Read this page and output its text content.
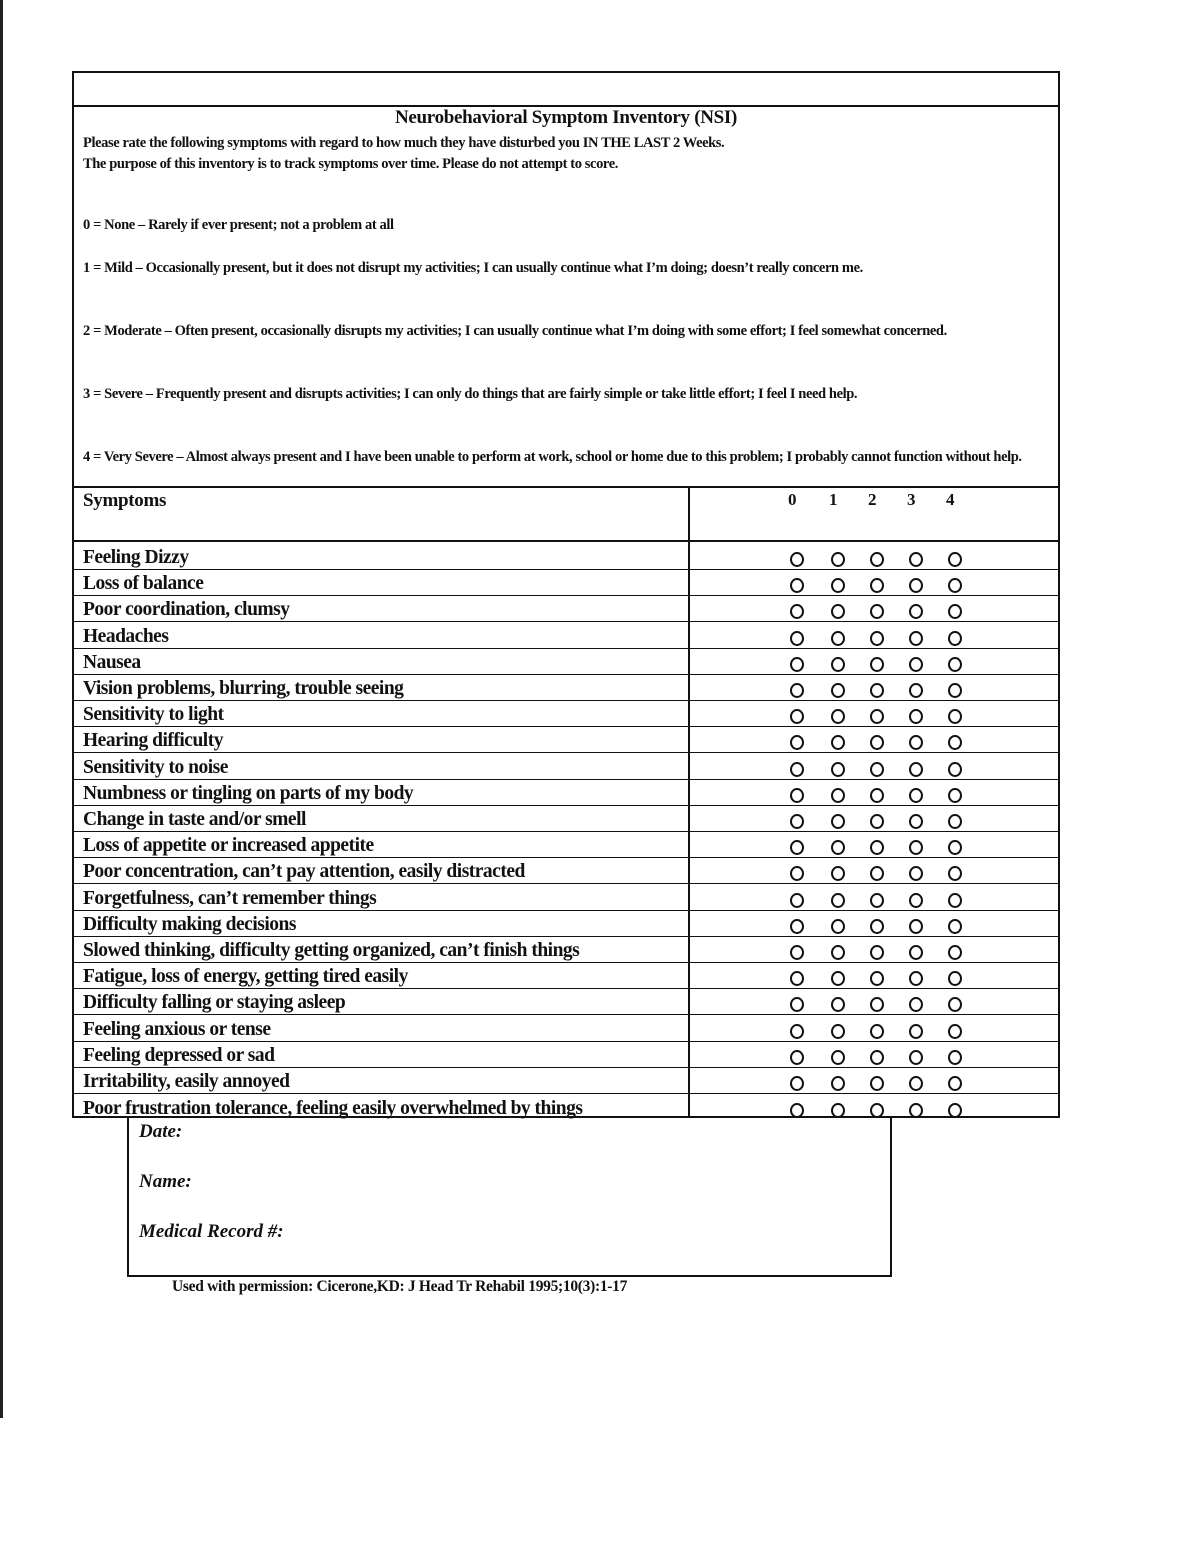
Neurobehavioral Symptom Inventory (NSI)
Please rate the following symptoms with regard to how much they have disturbed you IN THE LAST 2 Weeks.
The purpose of this inventory is to track symptoms over time. Please do not attempt to score.
0 = None – Rarely if ever present; not a problem at all
1 = Mild – Occasionally present, but it does not disrupt my activities; I can usually continue what I’m doing; doesn’t really concern me.
2 = Moderate – Often present, occasionally disrupts my activities; I can usually continue what I’m doing with some effort; I feel somewhat concerned.
3 = Severe – Frequently present and disrupts activities; I can only do things that are fairly simple or take little effort; I feel I need help.
4 = Very Severe – Almost always present and I have been unable to perform at work, school or home due to this problem; I probably cannot function without help.
Symptoms	0 1 2 3 4
Feeling Dizzy
Loss of balance
Poor coordination, clumsy
Headaches
Nausea
Vision problems, blurring, trouble seeing
Sensitivity to light
Hearing difficulty
Sensitivity to noise
Numbness or tingling on parts of my body
Change in taste and/or smell
Loss of appetite or increased appetite
Poor concentration, can’t pay attention, easily distracted
Forgetfulness, can’t remember things
Difficulty making decisions
Slowed thinking, difficulty getting organized, can’t finish things
Fatigue, loss of energy, getting tired easily
Difficulty falling or staying asleep
Feeling anxious or tense
Feeling depressed or sad
Irritability, easily annoyed
Poor frustration tolerance, feeling easily overwhelmed by things
Date:
Name:
Medical Record #:
Used with permission: Cicerone,KD: J Head Tr Rehabil 1995;10(3):1-17
